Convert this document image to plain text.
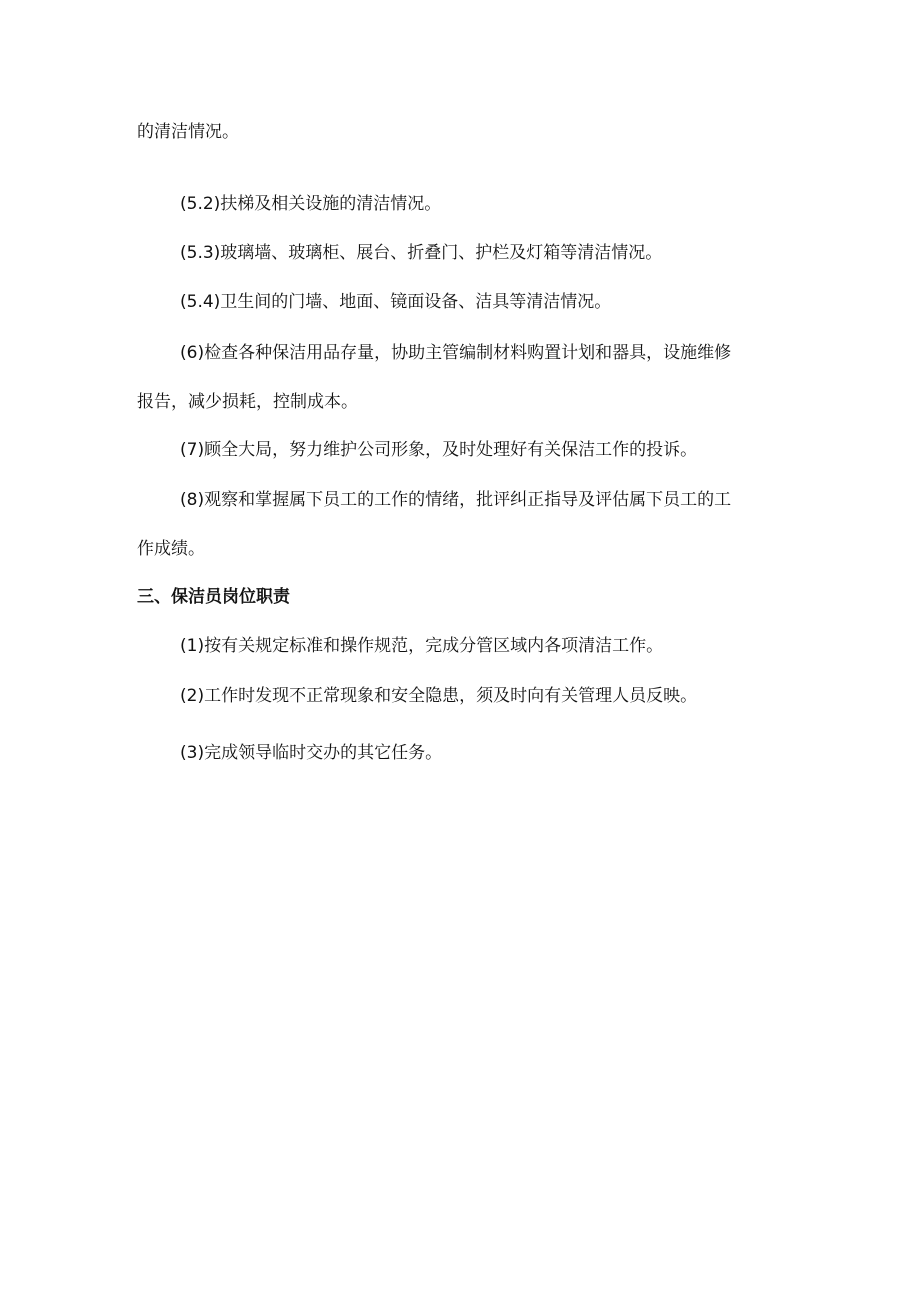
的清洁情况。
(5.2)扶梯及相关设施的清洁情况。
(5.3)玻璃墙、玻璃柜、展台、折叠门、护栏及灯箱等清洁情况。
(5.4)卫生间的门墙、地面、镜面设备、洁具等清洁情况。
(6)检查各种保洁用品存量，协助主管编制材料购置计划和器具，设施维修
报告，减少损耗，控制成本。
(7)顾全大局，努力维护公司形象，及时处理好有关保洁工作的投诉。
(8)观察和掌握属下员工的工作的情绪，批评纠正指导及评估属下员工的工
作成绩。
三、保洁员岗位职责
(1)按有关规定标准和操作规范，完成分管区域内各项清洁工作。
(2)工作时发现不正常现象和安全隐患，须及时向有关管理人员反映。
(3)完成领导临时交办的其它任务。
